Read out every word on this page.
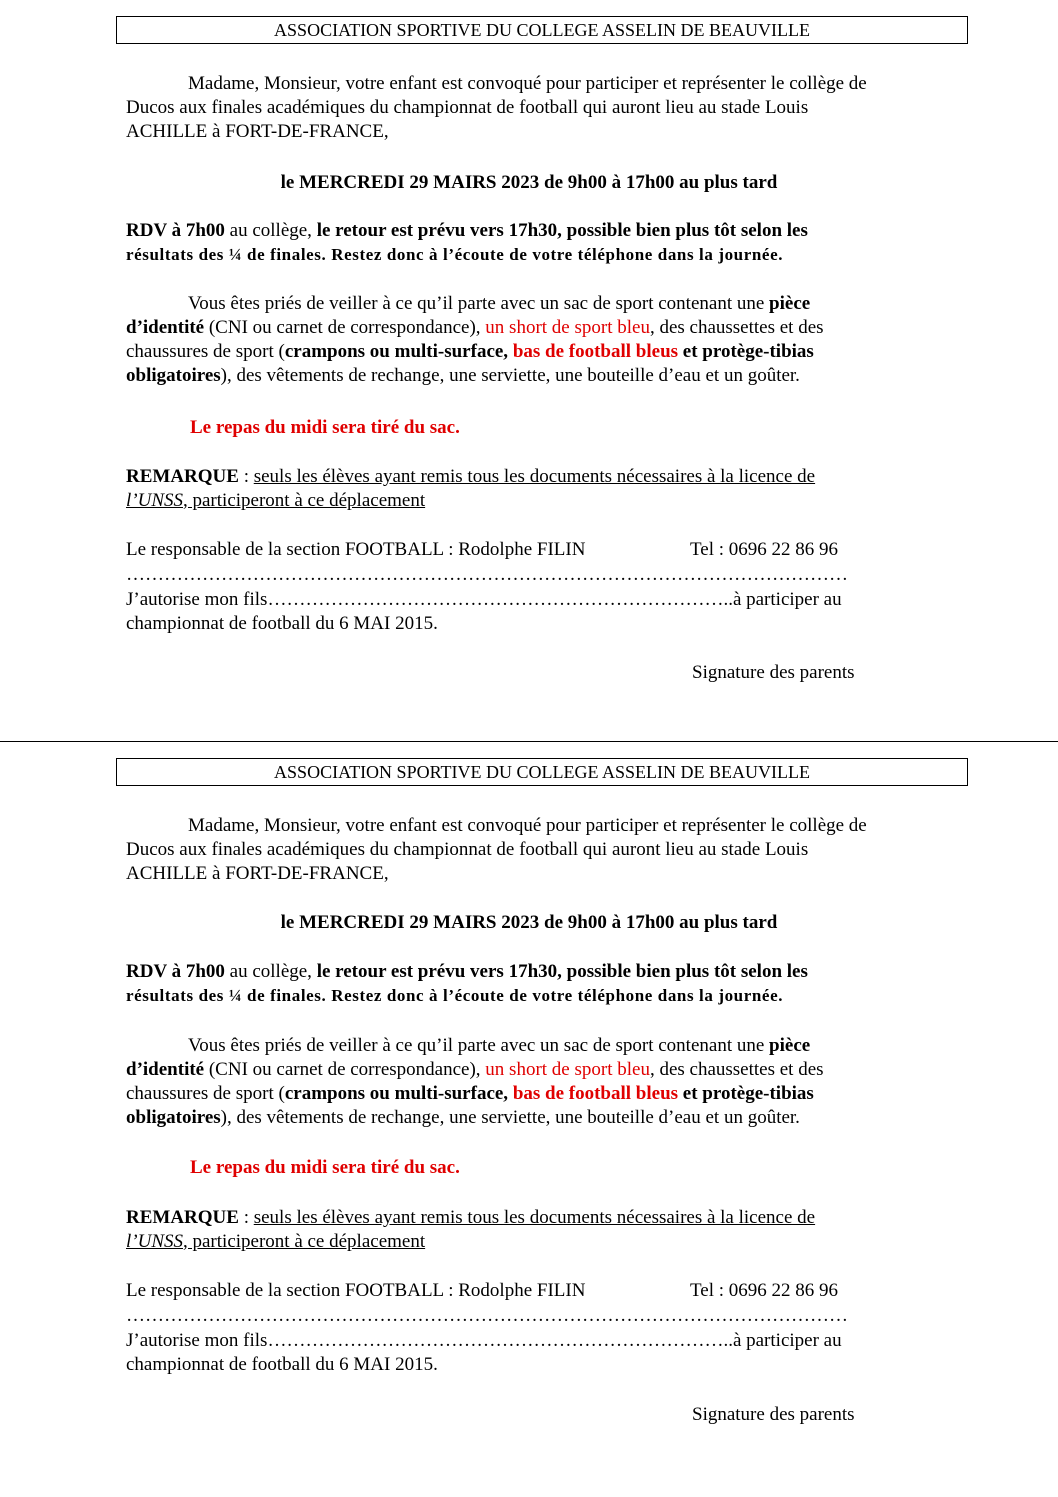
ASSOCIATION SPORTIVE DU COLLEGE ASSELIN DE BEAUVILLE
Madame, Monsieur, votre enfant est convoqué pour participer et représenter le collège de
Ducos aux finales académiques du championnat de football qui auront lieu au stade Louis
ACHILLE à FORT-DE-FRANCE,
le MERCREDI 29 MAIRS 2023 de 9h00 à 17h00 au plus tard
RDV à 7h00 au collège, le retour est prévu vers 17h30, possible bien plus tôt selon les
résultats des ¼ de finales. Restez donc à l’écoute de votre téléphone dans la journée.
Vous êtes priés de veiller à ce qu’il parte avec un sac de sport contenant une pièce
d’identité (CNI ou carnet de correspondance), un short de sport bleu, des chaussettes et des
chaussures de sport (crampons ou multi-surface, bas de football bleus et protège-tibias
obligatoires), des vêtements de rechange, une serviette, une bouteille d’eau et un goûter.
Le repas du midi sera tiré du sac.
REMARQUE : seuls les élèves ayant remis tous les documents nécessaires à la licence de
l’UNSS, participeront à ce déplacement
Le responsable de la section FOOTBALL : Rodolphe FILIN	Tel : 0696 22 86 96
……………………………………………………………………………………………………
J’autorise mon fils………………………………………………………………..à participer au
championnat de football du 6 MAI 2015.
Signature des parents
ASSOCIATION SPORTIVE DU COLLEGE ASSELIN DE BEAUVILLE
Madame, Monsieur, votre enfant est convoqué pour participer et représenter le collège de
Ducos aux finales académiques du championnat de football qui auront lieu au stade Louis
ACHILLE à FORT-DE-FRANCE,
le MERCREDI 29 MAIRS 2023 de 9h00 à 17h00 au plus tard
RDV à 7h00 au collège, le retour est prévu vers 17h30, possible bien plus tôt selon les
résultats des ¼ de finales. Restez donc à l’écoute de votre téléphone dans la journée.
Vous êtes priés de veiller à ce qu’il parte avec un sac de sport contenant une pièce
d’identité (CNI ou carnet de correspondance), un short de sport bleu, des chaussettes et des
chaussures de sport (crampons ou multi-surface, bas de football bleus et protège-tibias
obligatoires), des vêtements de rechange, une serviette, une bouteille d’eau et un goûter.
Le repas du midi sera tiré du sac.
REMARQUE : seuls les élèves ayant remis tous les documents nécessaires à la licence de
l’UNSS, participeront à ce déplacement
Le responsable de la section FOOTBALL : Rodolphe FILIN	Tel : 0696 22 86 96
……………………………………………………………………………………………………
J’autorise mon fils………………………………………………………………..à participer au
championnat de football du 6 MAI 2015.
Signature des parents
